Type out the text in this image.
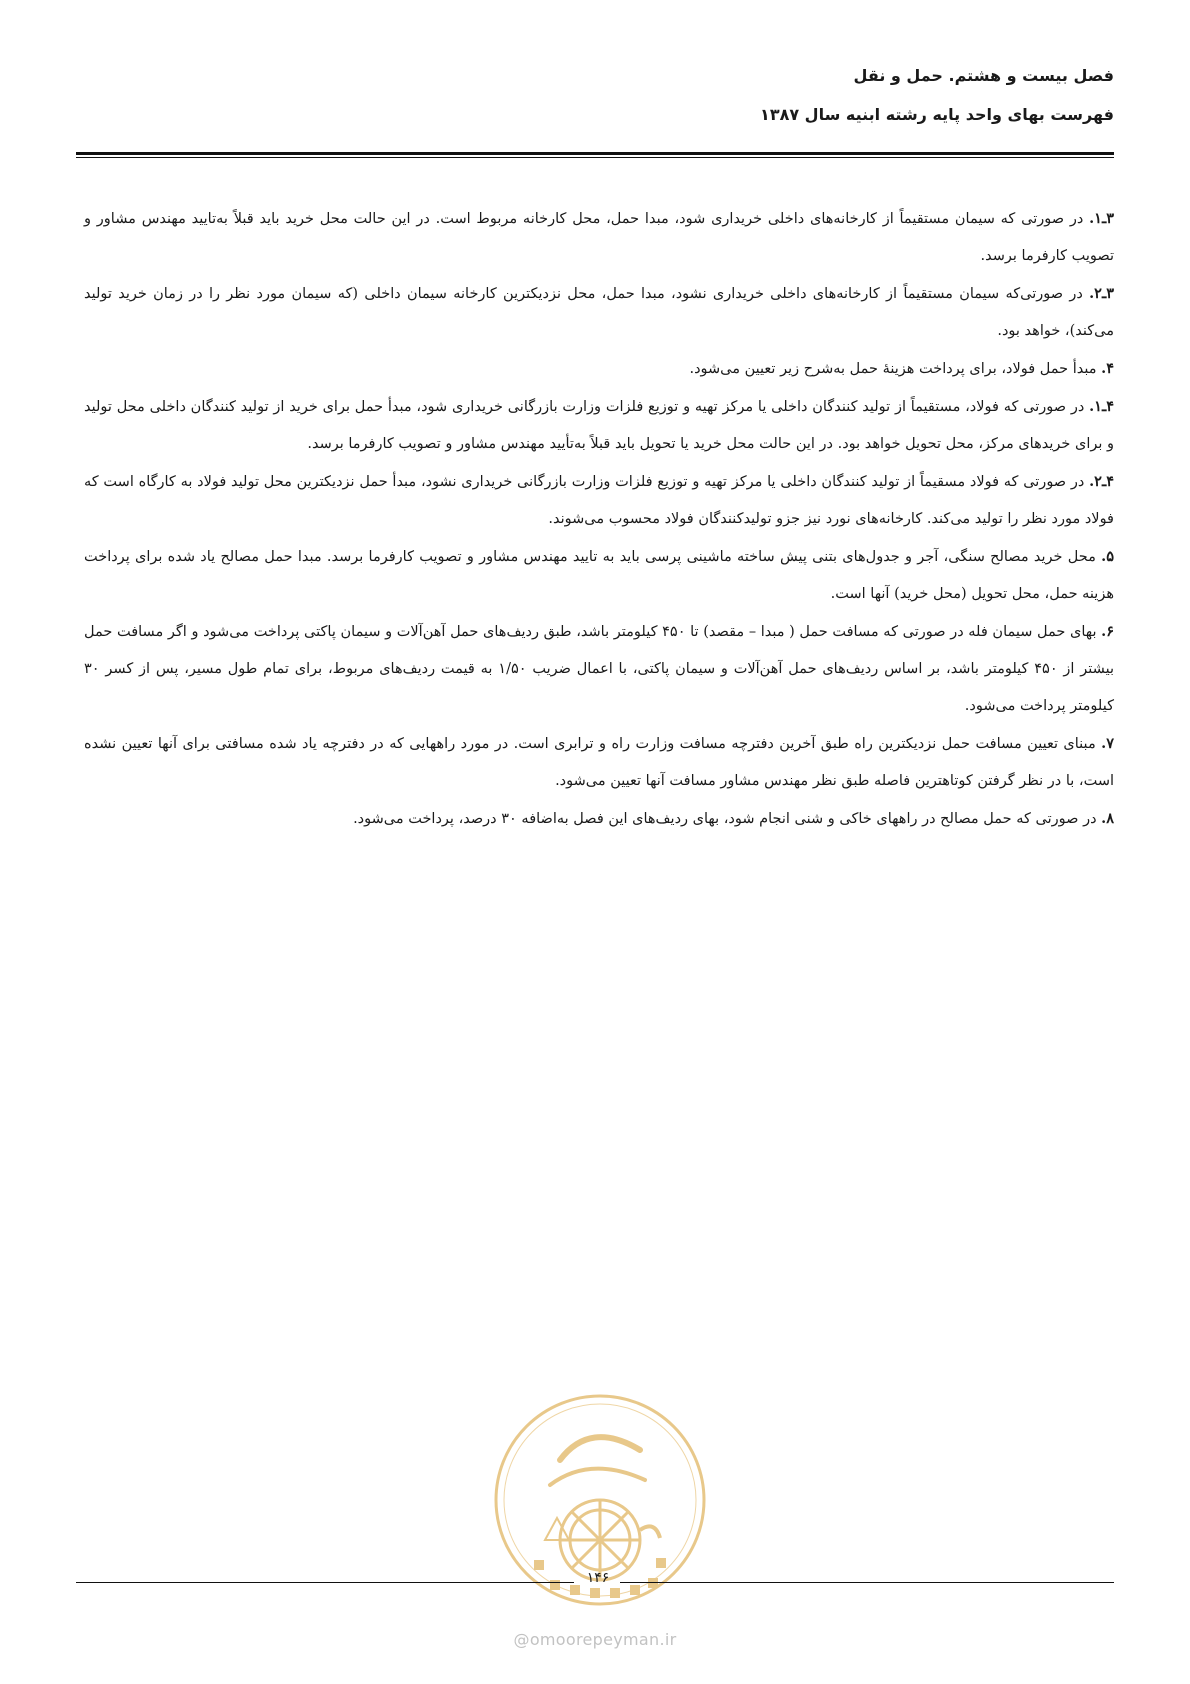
فصل بیست و هشتم. حمل و نقل
فهرست بهای واحد پایه رشته ابنیه سال ۱۳۸۷

۳ـ۱. در صورتی که سیمان مستقیماً از کارخانه‌های داخلی خریداری شود، مبدا حمل، محل کارخانه مربوط است. در این حالت محل خرید باید قبلاً به‌تایید مهندس مشاور و تصویب کارفرما برسد.

۳ـ۲. در صورتی‌که سیمان مستقیماً از کارخانه‌های داخلی خریداری نشود، مبدا حمل، محل نزدیکترین کارخانه سیمان داخلی (که سیمان مورد نظر را در زمان خرید تولید می‌کند)، خواهد بود.

۴. مبدأ حمل فولاد، برای پرداخت هزینهٔ حمل به‌شرح زیر تعیین می‌شود.

۴ـ۱. در صورتی که فولاد، مستقیماً از تولید کنندگان داخلی یا مرکز تهیه و توزیع فلزات وزارت بازرگانی خریداری شود، مبدأ حمل برای خرید از تولید کنندگان داخلی محل تولید و برای خریدهای مرکز، محل تحویل خواهد بود. در این حالت محل خرید یا تحویل باید قبلاً به‌تأیید مهندس مشاور و تصویب کارفرما برسد.

۴ـ۲. در صورتی که فولاد مسقیماً از تولید کنندگان داخلی یا مرکز تهیه و توزیع فلزات وزارت بازرگانی خریداری نشود، مبدأ حمل نزدیکترین محل تولید فولاد به کارگاه است که فولاد مورد نظر را تولید می‌کند. کارخانه‌های نورد نیز جزو تولیدکنندگان فولاد محسوب می‌شوند.

۵. محل خرید مصالح سنگی، آجر و جدول‌های بتنی پیش ساخته ماشینی پرسی باید به تایید مهندس مشاور و تصویب کارفرما برسد. مبدا حمل مصالح یاد شده برای پرداخت هزینه حمل، محل تحویل (محل خرید) آنها است.

۶. بهای حمل سیمان فله در صورتی که مسافت حمل ( مبدا – مقصد) تا ۴۵۰ کیلومتر باشد، طبق ردیف‌های حمل آهن‌آلات و سیمان پاکتی پرداخت می‌شود و اگر مسافت حمل بیشتر از ۴۵۰ کیلومتر باشد، بر اساس ردیف‌های حمل آهن‌آلات و سیمان پاکتی، با اعمال ضریب ۱/۵۰ به قیمت ردیف‌های مربوط، برای تمام طول مسیر، پس از کسر ۳۰ کیلومتر پرداخت می‌شود.

۷. مبنای تعیین مسافت حمل نزدیکترین راه طبق آخرین دفترچه مسافت وزارت راه و ترابری است. در مورد راههایی که در دفترچه یاد شده مسافتی برای آنها تعیین نشده است، با در نظر گرفتن کوتاهترین فاصله طبق نظر مهندس مشاور مسافت آنها تعیین می‌شود.

۸. در صورتی که حمل مصالح در راههای خاکی و شنی انجام شود، بهای ردیف‌های این فصل به‌اضافه ۳۰ درصد، پرداخت می‌شود.

۱۴۶
@omoorepeyman.ir
